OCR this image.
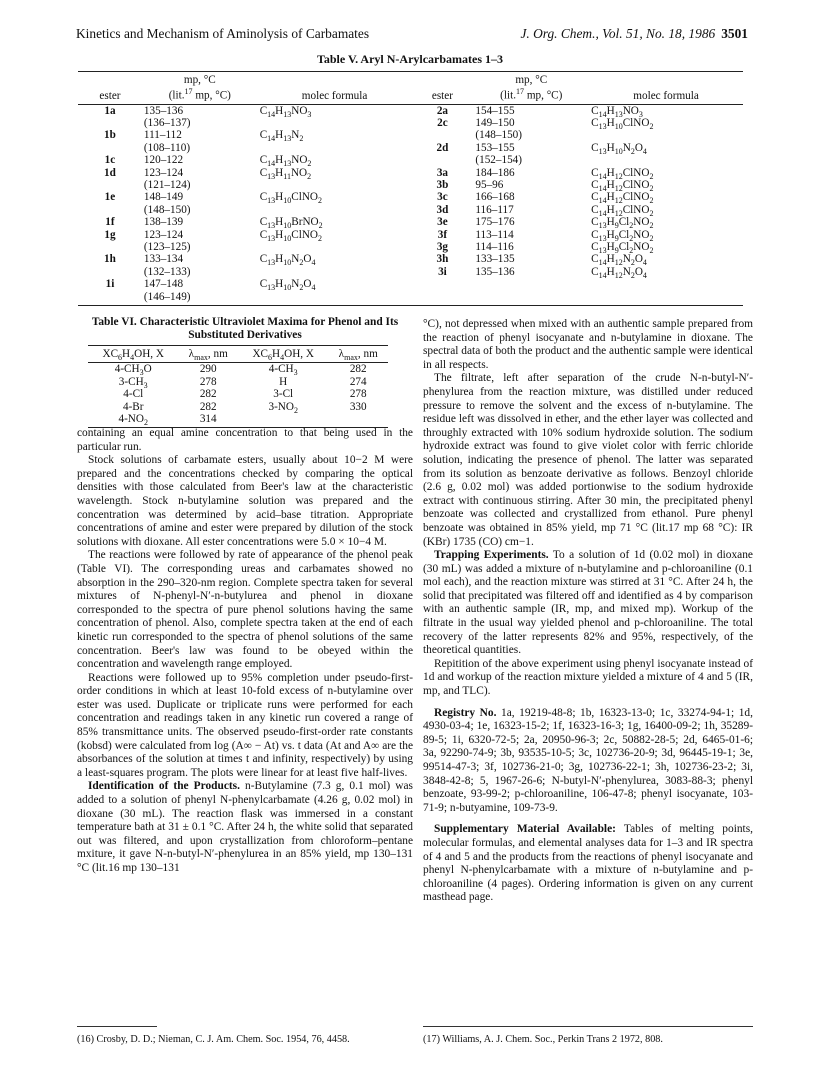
Kinetics and Mechanism of Aminolysis of Carbamates	J. Org. Chem., Vol. 51, No. 18, 1986 3501
Table V. Aryl N-Arylcarbamates 1–3
ester	mp, °C
(lit.$^{17}$ mp, °C)	molec formula	ester	mp, °C
(lit.$^{17}$ mp, °C)	molec formula
1a	135–136	$C_{14}H_{13}NO_3$	2a	154–155	$C_{14}H_{13}NO_3$
	(136–137)		2c	149–150	$C_{13}H_{10}ClNO_2$
1b	111–112	$C_{14}H_{13}N_2$		(148–150)	
	(108–110)		2d	153–155	$C_{13}H_{10}N_2O_4$
1c	120–122	$C_{14}H_{13}NO_2$		(152–154)	
1d	123–124	$C_{13}H_{11}NO_2$	3a	184–186	$C_{14}H_{12}ClNO_2$
	(121–124)		3b	95–96	$C_{14}H_{12}ClNO_2$
1e	148–149	$C_{13}H_{10}ClNO_2$	3c	166–168	$C_{14}H_{12}ClNO_2$
	(148–150)		3d	116–117	$C_{14}H_{12}ClNO_2$
1f	138–139	$C_{13}H_{10}BrNO_2$	3e	175–176	$C_{13}H_9Cl_2NO_2$
1g	123–124	$C_{13}H_{10}ClNO_2$	3f	113–114	$C_{13}H_9Cl_2NO_2$
	(123–125)		3g	114–116	$C_{13}H_9Cl_2NO_2$
1h	133–134	$C_{13}H_{10}N_2O_4$	3h	133–135	$C_{14}H_{12}N_2O_4$
	(132–133)		3i	135–136	$C_{14}H_{12}N_2O_4$
1i	147–148	$C_{13}H_{10}N_2O_4$			
	(146–149)				
Table VI. Characteristic Ultraviolet Maxima for Phenol and Its Substituted Derivatives
$XC_6H_4OH$, X	$\lambda_{max}$, nm	$XC_6H_4OH$, X	$\lambda_{max}$, nm
$4-CH_3O$	290	$4-CH_3$	282
$3-CH_3$	278	H	274
4-Cl	282	3-Cl	278
4-Br	282	$3-NO_2$	330
$4-NO_2$	314		

containing an equal amine concentration to that being used in the particular run.

Stock solutions of carbamate esters, usually about 10−2 M were prepared and the concentrations checked by comparing the optical densities with those calculated from Beer's law at the characteristic wavelength. Stock n-butylamine solution was prepared and the concentration was determined by acid–base titration. Appropriate concentrations of amine and ester were prepared by dilution of the stock solutions with dioxane. All ester concentrations were 5.0 × 10−4 M.

The reactions were followed by rate of appearance of the phenol peak (Table VI). The corresponding ureas and carbamates showed no absorption in the 290–320-nm region. Complete spectra taken for several mixtures of N-phenyl-N′-n-butylurea and phenol in dioxane corresponded to the spectra of pure phenol solutions having the same concentration of phenol. Also, complete spectra taken at the end of each kinetic run corresponded to the spectra of phenol solutions of the same concentration. Beer's law was found to be obeyed within the concentration and wavelength range employed.

Reactions were followed up to 95% completion under pseudo-first-order conditions in which at least 10-fold excess of n-butylamine over ester was used. Duplicate or triplicate runs were performed for each concentration and readings taken in any kinetic run covered a range of 85% transmittance units. The observed pseudo-first-order rate constants (kobsd) were calculated from log (A∞ − At) vs. t data (At and A∞ are the absorbances of the solution at times t and infinity, respectively) by using a least-squares program. The plots were linear for at least five half-lives.

Identification of the Products. n-Butylamine (7.3 g, 0.1 mol) was added to a solution of phenyl N-phenylcarbamate (4.26 g, 0.02 mol) in dioxane (30 mL). The reaction flask was immersed in a constant temperature bath at 31 ± 0.1 °C. After 24 h, the white solid that separated out was filtered, and upon crystallization from chloroform–pentane mxiture, it gave N-n-butyl-N′-phenylurea in an 85% yield, mp 130–131 °C (lit.16 mp 130–131

°C), not depressed when mixed with an authentic sample prepared from the reaction of phenyl isocyanate and n-butylamine in dioxane. The spectral data of both the product and the authentic sample were identical in all respects.

The filtrate, left after separation of the crude N-n-butyl-N′-phenylurea from the reaction mixture, was distilled under reduced pressure to remove the solvent and the excess of n-butylamine. The residue left was dissolved in ether, and the ether layer was collected and throughly extracted with 10% sodium hydroxide solution. The sodium hydroxide extract was found to give violet color with ferric chloride solution, indicating the presence of phenol. The latter was separated from its solution as benzoate derivative as follows. Benzoyl chloride (2.6 g, 0.02 mol) was added portionwise to the sodium hydroxide extract with continuous stirring. After 30 min, the precipitated phenyl benzoate was collected and crystallized from ethanol. Pure phenyl benzoate was obtained in 85% yield, mp 71 °C (lit.17 mp 68 °C): IR (KBr) 1735 (CO) cm−1.

Trapping Experiments. To a solution of 1d (0.02 mol) in dioxane (30 mL) was added a mixture of n-butylamine and p-chloroaniline (0.1 mol each), and the reaction mixture was stirred at 31 °C. After 24 h, the solid that precipitated was filtered off and identified as 4 by comparison with an authentic sample (IR, mp, and mixed mp). Workup of the filtrate in the usual way yielded phenol and p-chloroaniline. The total recovery of the latter represents 82% and 95%, respectively, of the theoretical quantities.

Repitition of the above experiment using phenyl isocyanate instead of 1d and workup of the reaction mixture yielded a mixture of 4 and 5 (IR, mp, and TLC).

Registry No. 1a, 19219-48-8; 1b, 16323-13-0; 1c, 33274-94-1; 1d, 4930-03-4; 1e, 16323-15-2; 1f, 16323-16-3; 1g, 16400-09-2; 1h, 35289-89-5; 1i, 6320-72-5; 2a, 20950-96-3; 2c, 50882-28-5; 2d, 6465-01-6; 3a, 92290-74-9; 3b, 93535-10-5; 3c, 102736-20-9; 3d, 96445-19-1; 3e, 99514-47-3; 3f, 102736-21-0; 3g, 102736-22-1; 3h, 102736-23-2; 3i, 3848-42-8; 5, 1967-26-6; N-butyl-N′-phenylurea, 3083-88-3; phenyl benzoate, 93-99-2; p-chloroaniline, 106-47-8; phenyl isocyanate, 103-71-9; n-butyamine, 109-73-9.

Supplementary Material Available: Tables of melting points, molecular formulas, and elemental analyses data for 1–3 and IR spectra of 4 and 5 and the products from the reactions of phenyl isocyanate and phenyl N-phenylcarbamate with a mixture of n-butylamine and p-chloroaniline (4 pages). Ordering information is given on any current masthead page.

(16) Crosby, D. D.; Nieman, C. J. Am. Chem. Soc. 1954, 76, 4458.	(17) Williams, A. J. Chem. Soc., Perkin Trans 2 1972, 808.
